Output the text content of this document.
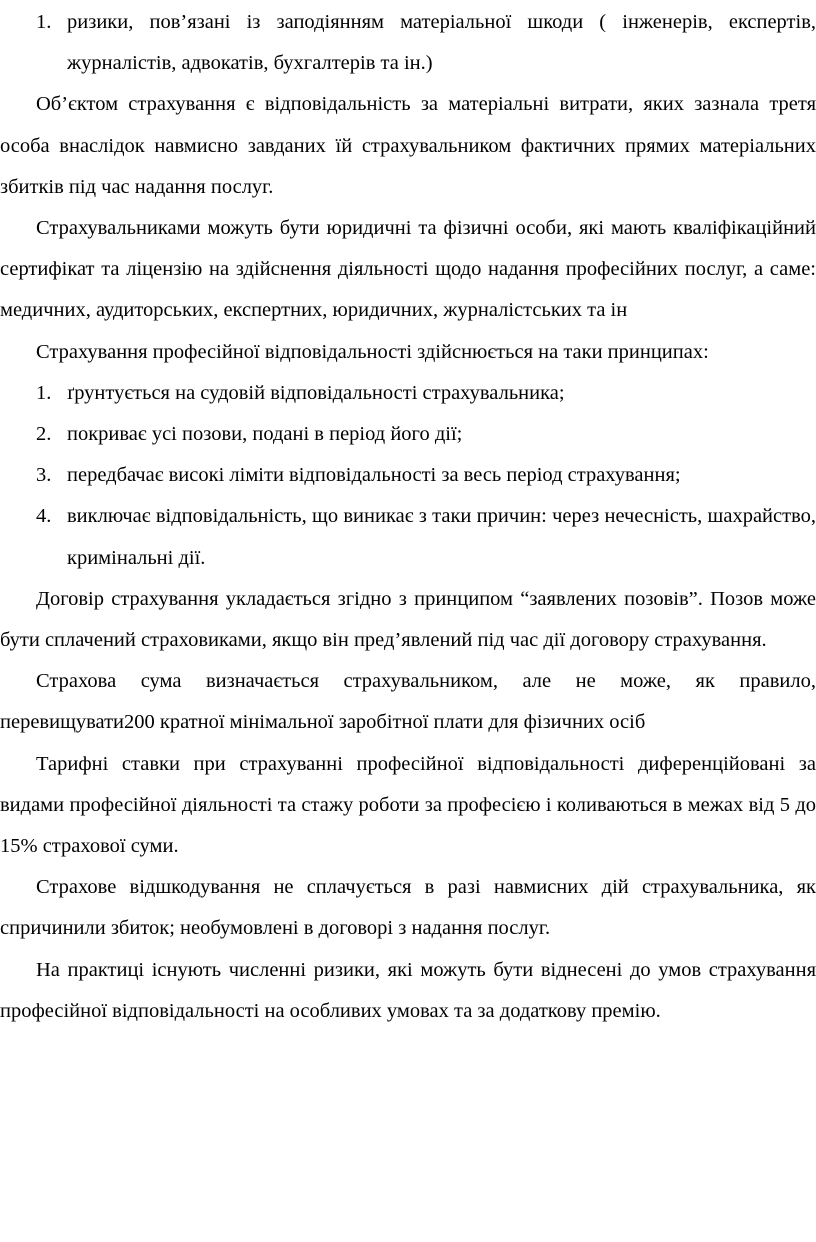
1. ризики, пов’язані із заподіянням матеріальної шкоди ( інженерів, експертів, журналістів, адвокатів, бухгалтерів та ін.)

Об’єктом страхування є відповідальність за матеріальні витрати, яких зазнала третя особа внаслідок навмисно завданих їй страхувальником фактичних прямих матеріальних збитків під час надання послуг.

Страхувальниками можуть бути юридичні та фізичні особи, які мають кваліфікаційний сертифікат та ліцензію на здійснення діяльності щодо надання професійних послуг, а саме: медичних, аудиторських, експертних, юридичних, журналістських та ін

Страхування професійної відповідальності здійснюється на таки принципах:

1. ґрунтується на судовій відповідальності страхувальника;
2. покриває усі позови, подані в період його дії;
3. передбачає високі ліміти відповідальності за весь період страхування;
4. виключає відповідальність, що виникає з таки причин: через нечесність, шахрайство, кримінальні дії.

Договір страхування укладається згідно з принципом “заявлених позовів”. Позов може бути сплачений страховиками, якщо він пред’явлений під час дії договору страхування.

Страхова сума визначається страхувальником, але не може, як правило, перевищувати200 кратної мінімальної заробітної плати для фізичних осіб

Тарифні ставки при страхуванні професійної відповідальності диференційовані за видами професійної діяльності та стажу роботи за професією і коливаються в межах від 5 до 15% страхової суми.

Страхове відшкодування не сплачується в разі навмисних дій страхувальника, як спричинили збиток; необумовлені в договорі з надання послуг.

На практиці існують численні ризики, які можуть бути віднесені до умов страхування професійної відповідальності на особливих умовах та за додаткову премію.
